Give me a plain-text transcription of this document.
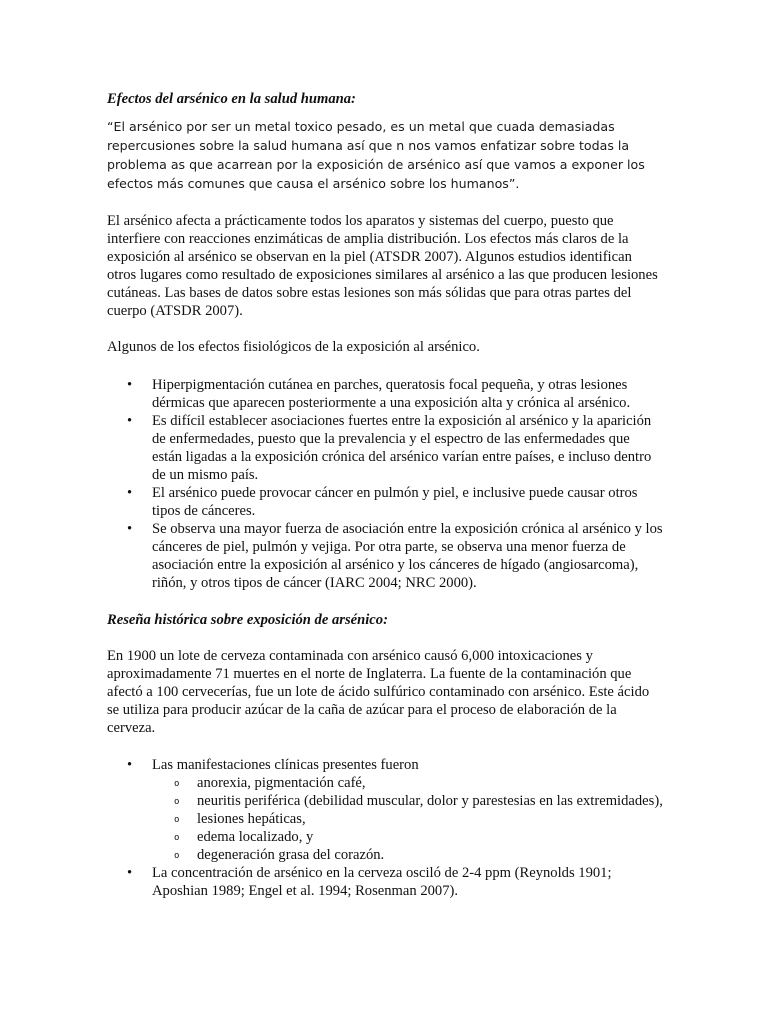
Efectos del arsénico en la salud humana:

“El arsénico por ser un metal toxico pesado, es un metal que cuada demasiadas repercusiones sobre la salud humana así que n nos vamos enfatizar sobre todas la problema as que acarrean por la exposición de arsénico así que vamos a exponer los efectos más comunes que causa el arsénico sobre los humanos”.

El arsénico afecta a prácticamente todos los aparatos y sistemas del cuerpo, puesto que interfiere con reacciones enzimáticas de amplia distribución. Los efectos más claros de la exposición al arsénico se observan en la piel (ATSDR 2007). Algunos estudios identifican otros lugares como resultado de exposiciones similares al arsénico a las que producen lesiones cutáneas. Las bases de datos sobre estas lesiones son más sólidas que para otras partes del cuerpo (ATSDR 2007).

Algunos de los efectos fisiológicos de la exposición al arsénico.

• Hiperpigmentación cutánea en parches, queratosis focal pequeña, y otras lesiones dérmicas que aparecen posteriormente a una exposición alta y crónica al arsénico.
• Es difícil establecer asociaciones fuertes entre la exposición al arsénico y la aparición de enfermedades, puesto que la prevalencia y el espectro de las enfermedades que están ligadas a la exposición crónica del arsénico varían entre países, e incluso dentro de un mismo país.
• El arsénico puede provocar cáncer en pulmón y piel, e inclusive puede causar otros tipos de cánceres.
• Se observa una mayor fuerza de asociación entre la exposición crónica al arsénico y los cánceres de piel, pulmón y vejiga. Por otra parte, se observa una menor fuerza de asociación entre la exposición al arsénico y los cánceres de hígado (angiosarcoma), riñón, y otros tipos de cáncer (IARC 2004; NRC 2000).

Reseña histórica sobre exposición de arsénico:

En 1900 un lote de cerveza contaminada con arsénico causó 6,000 intoxicaciones y aproximadamente 71 muertes en el norte de Inglaterra. La fuente de la contaminación que afectó a 100 cervecerías, fue un lote de ácido sulfúrico contaminado con arsénico. Este ácido se utiliza para producir azúcar de la caña de azúcar para el proceso de elaboración de la cerveza.

• Las manifestaciones clínicas presentes fueron
o anorexia, pigmentación café,
o neuritis periférica (debilidad muscular, dolor y parestesias en las extremidades),
o lesiones hepáticas,
o edema localizado, y
o degeneración grasa del corazón.
• La concentración de arsénico en la cerveza osciló de 2-4 ppm (Reynolds 1901; Aposhian 1989; Engel et al. 1994; Rosenman 2007).
